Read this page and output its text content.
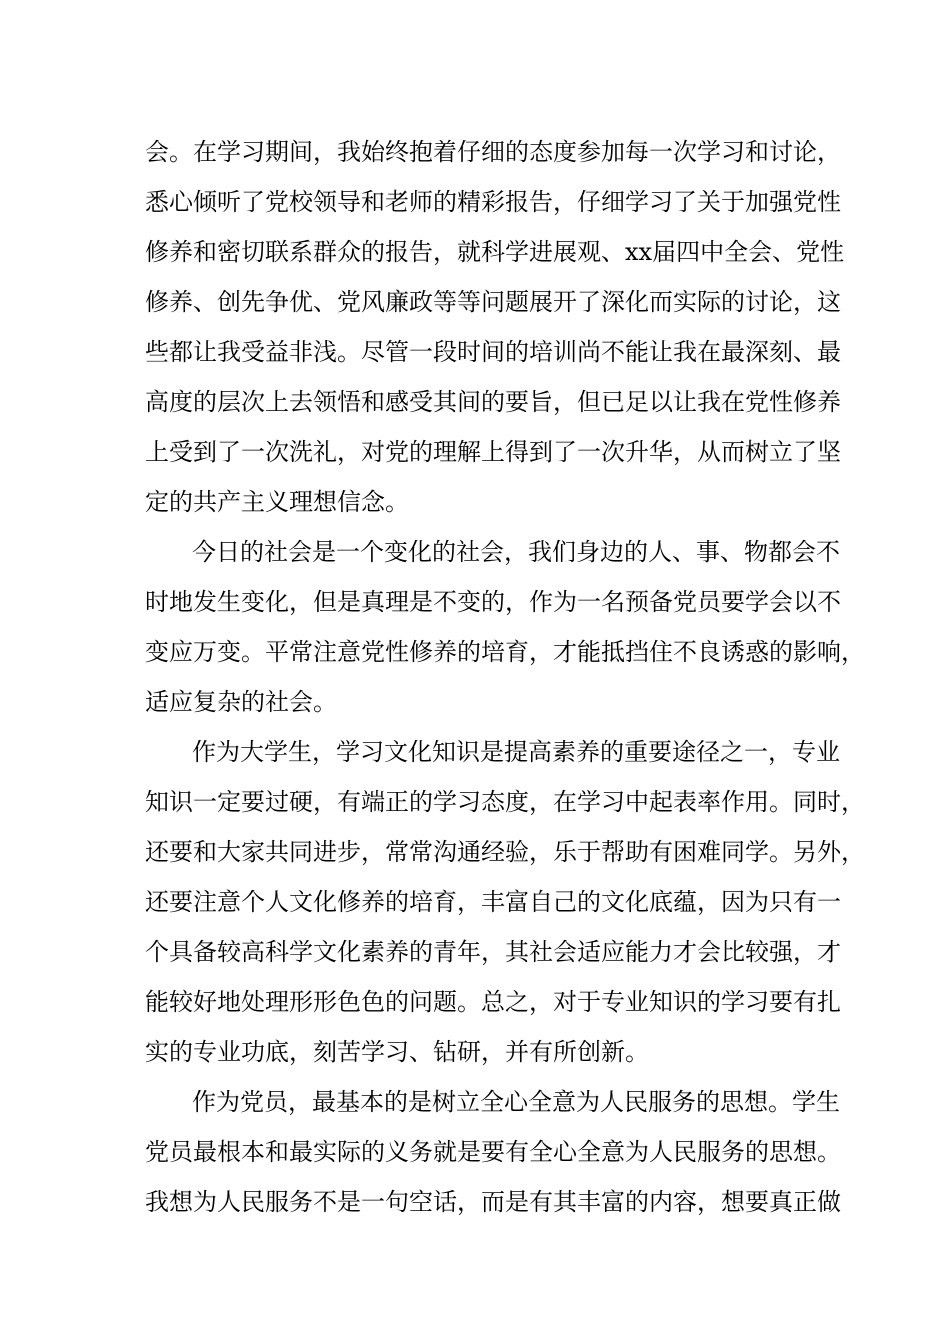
会。在学习期间，我始终抱着仔细的态度参加每一次学习和讨论，
悉心倾听了党校领导和老师的精彩报告，仔细学习了关于加强党性
修养和密切联系群众的报告，就科学进展观、xx届四中全会、党性
修养、创先争优、党风廉政等等问题展开了深化而实际的讨论，这
些都让我受益非浅。尽管一段时间的培训尚不能让我在最深刻、最
高度的层次上去领悟和感受其间的要旨，但已足以让我在党性修养
上受到了一次洗礼，对党的理解上得到了一次升华，从而树立了坚
定的共产主义理想信念。
今日的社会是一个变化的社会，我们身边的人、事、物都会不
时地发生变化，但是真理是不变的，作为一名预备党员要学会以不
变应万变。平常注意党性修养的培育，才能抵挡住不良诱惑的影响，
适应复杂的社会。
作为大学生，学习文化知识是提高素养的重要途径之一，专业
知识一定要过硬，有端正的学习态度，在学习中起表率作用。同时，
还要和大家共同进步，常常沟通经验，乐于帮助有困难同学。另外，
还要注意个人文化修养的培育，丰富自己的文化底蕴，因为只有一
个具备较高科学文化素养的青年，其社会适应能力才会比较强，才
能较好地处理形形色色的问题。总之，对于专业知识的学习要有扎
实的专业功底，刻苦学习、钻研，并有所创新。
作为党员，最基本的是树立全心全意为人民服务的思想。学生
党员最根本和最实际的义务就是要有全心全意为人民服务的思想。
我想为人民服务不是一句空话，而是有其丰富的内容，想要真正做
